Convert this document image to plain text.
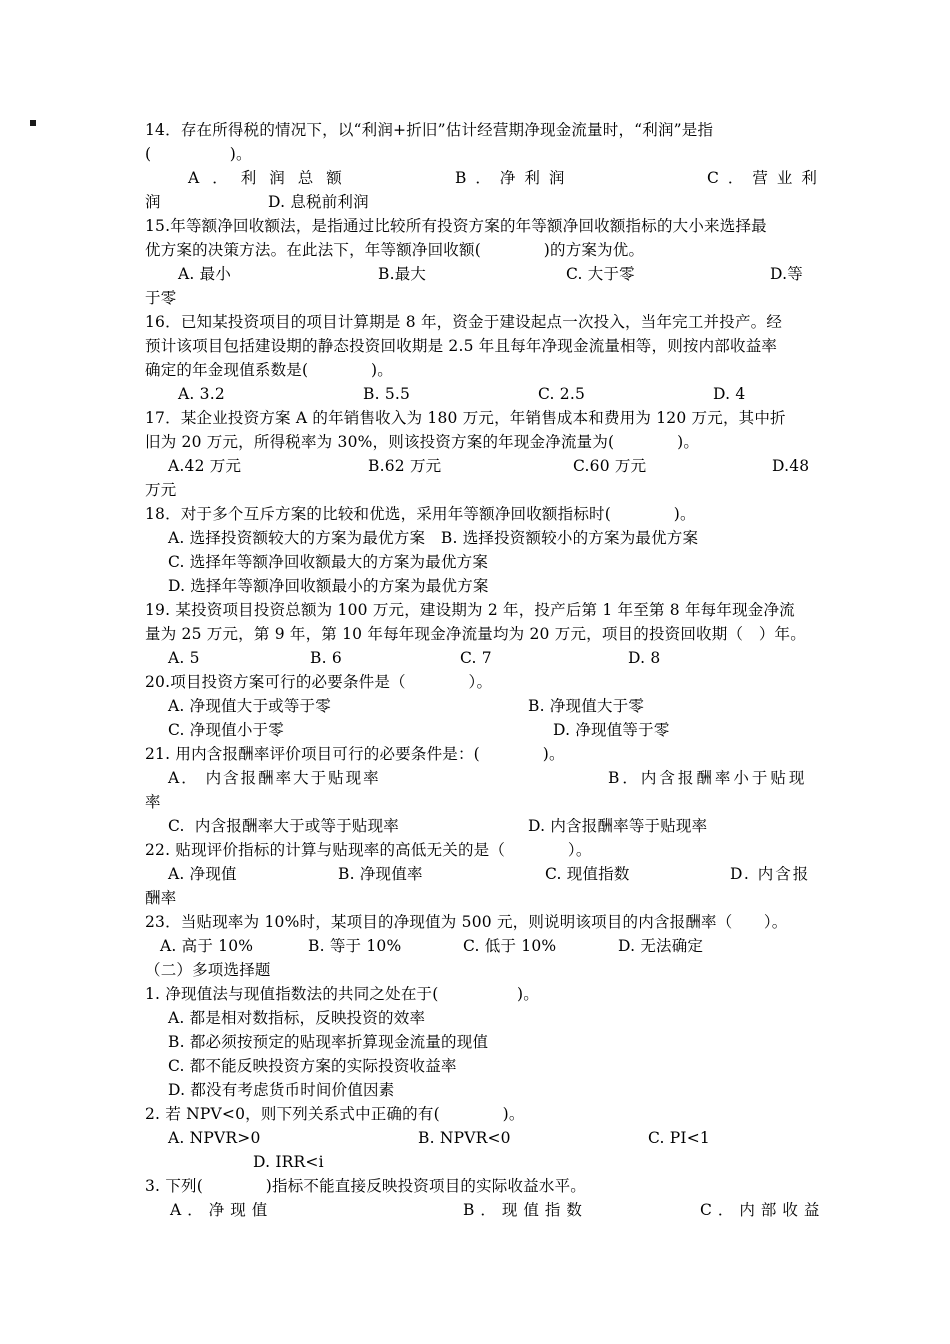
14．存在所得税的情况下，以“利润+折旧”估计经营期净现金流量时，“利润”是指
(　　　　　)。
A．利润总额	B．净利润	C．营业利
润	D. 息税前利润
15.年等额净回收额法，是指通过比较所有投资方案的年等额净回收额指标的大小来选择最
优方案的决策方法。在此法下，年等额净回收额(　　　　)的方案为优。
A. 最小	B.最大	C. 大于零	D.等
于零
16．已知某投资项目的项目计算期是 8 年，资金于建设起点一次投入，当年完工并投产。经
预计该项目包括建设期的静态投资回收期是 2.5 年且每年净现金流量相等，则按内部收益率
确定的年金现值系数是(　　　　)。
A. 3.2	B. 5.5	C. 2.5	D. 4
17．某企业投资方案 A 的年销售收入为 180 万元，年销售成本和费用为 120 万元，其中折
旧为 20 万元，所得税率为 30%，则该投资方案的年现金净流量为(　　　　)。
A.42 万元	B.62 万元	C.60 万元	D.48
万元
18．对于多个互斥方案的比较和优选，采用年等额净回收额指标时(　　　　)。
A. 选择投资额较大的方案为最优方案　B. 选择投资额较小的方案为最优方案
C. 选择年等额净回收额最大的方案为最优方案
D. 选择年等额净回收额最小的方案为最优方案
19. 某投资项目投资总额为 100 万元，建设期为 2 年，投产后第 1 年至第 8 年每年现金净流
量为 25 万元，第 9 年，第 10 年每年现金净流量均为 20 万元，项目的投资回收期（　）年。
A. 5	B. 6	C. 7	D. 8
20.项目投资方案可行的必要条件是（　　　　）。
A. 净现值大于或等于零	B. 净现值大于零
C. 净现值小于零	D. 净现值等于零
21. 用内含报酬率评价项目可行的必要条件是：(　　　　)。
A． 内含报酬率大于贴现率	B．内含报酬率小于贴现
率
C.  内含报酬率大于或等于贴现率	D. 内含报酬率等于贴现率
22. 贴现评价指标的计算与贴现率的高低无关的是（　　　　）。
A. 净现值	B. 净现值率	C. 现值指数	D. 内含报
酬率
23．当贴现率为 10%时，某项目的净现值为 500 元，则说明该项目的内含报酬率（　　）。
A. 高于 10%	B. 等于 10%	C. 低于 10%	D. 无法确定
（二）多项选择题
1. 净现值法与现值指数法的共同之处在于(　　　　　)。
A. 都是相对数指标，反映投资的效率
B. 都必须按预定的贴现率折算现金流量的现值
C. 都不能反映投资方案的实际投资收益率
D. 都没有考虑货币时间价值因素
2. 若 NPV<0，则下列关系式中正确的有(　　　　)。
A. NPVR>0	B. NPVR<0	C. PI<1
D. IRR<i
3. 下列(　　　　)指标不能直接反映投资项目的实际收益水平。
A．净现值	B．现值指数	C．内部收益
